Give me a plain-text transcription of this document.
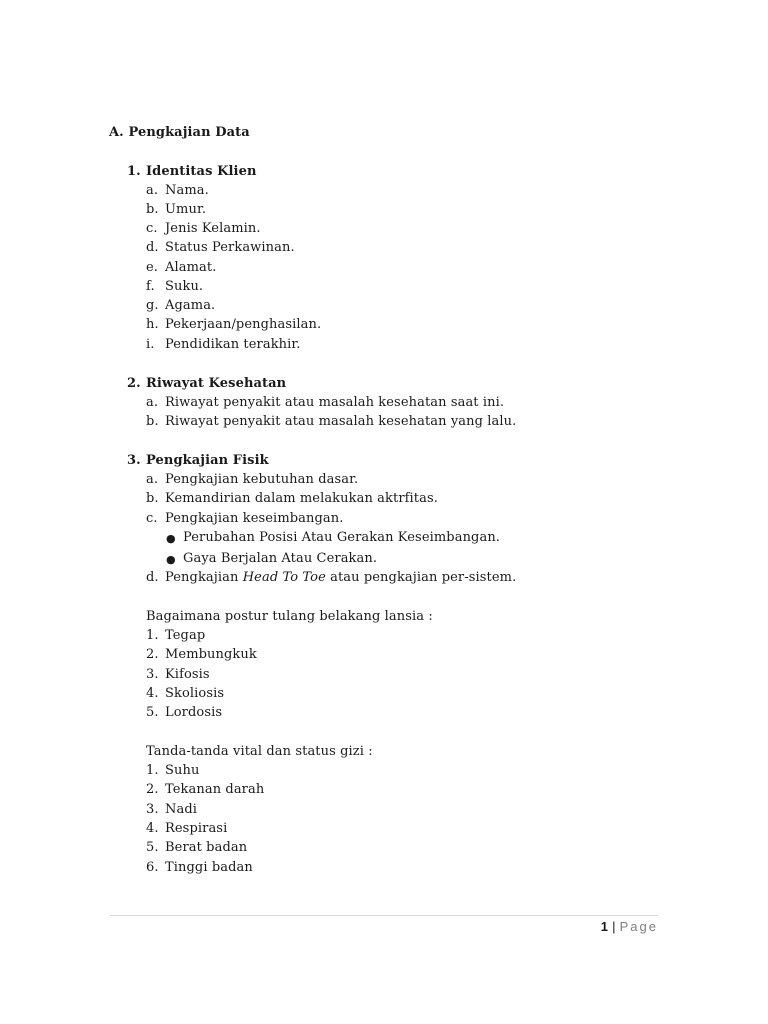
A. Pengkajian Data
1. Identitas Klien
a. Nama.
b. Umur.
c. Jenis Kelamin.
d. Status Perkawinan.
e. Alamat.
f. Suku.
g. Agama.
h. Pekerjaan/penghasilan.
i. Pendidikan terakhir.
2. Riwayat Kesehatan
a. Riwayat penyakit atau masalah kesehatan saat ini.
b. Riwayat penyakit atau masalah kesehatan yang lalu.
3. Pengkajian Fisik
a. Pengkajian kebutuhan dasar.
b. Kemandirian dalam melakukan aktrfitas.
c. Pengkajian keseimbangan.
● Perubahan Posisi Atau Gerakan Keseimbangan.
● Gaya Berjalan Atau Cerakan.
d. Pengkajian Head To Toe atau pengkajian per-sistem.
Bagaimana postur tulang belakang lansia :
1. Tegap
2. Membungkuk
3. Kifosis
4. Skoliosis
5. Lordosis
Tanda-tanda vital dan status gizi :
1. Suhu
2. Tekanan darah
3. Nadi
4. Respirasi
5. Berat badan
6. Tinggi badan
1 | Page
